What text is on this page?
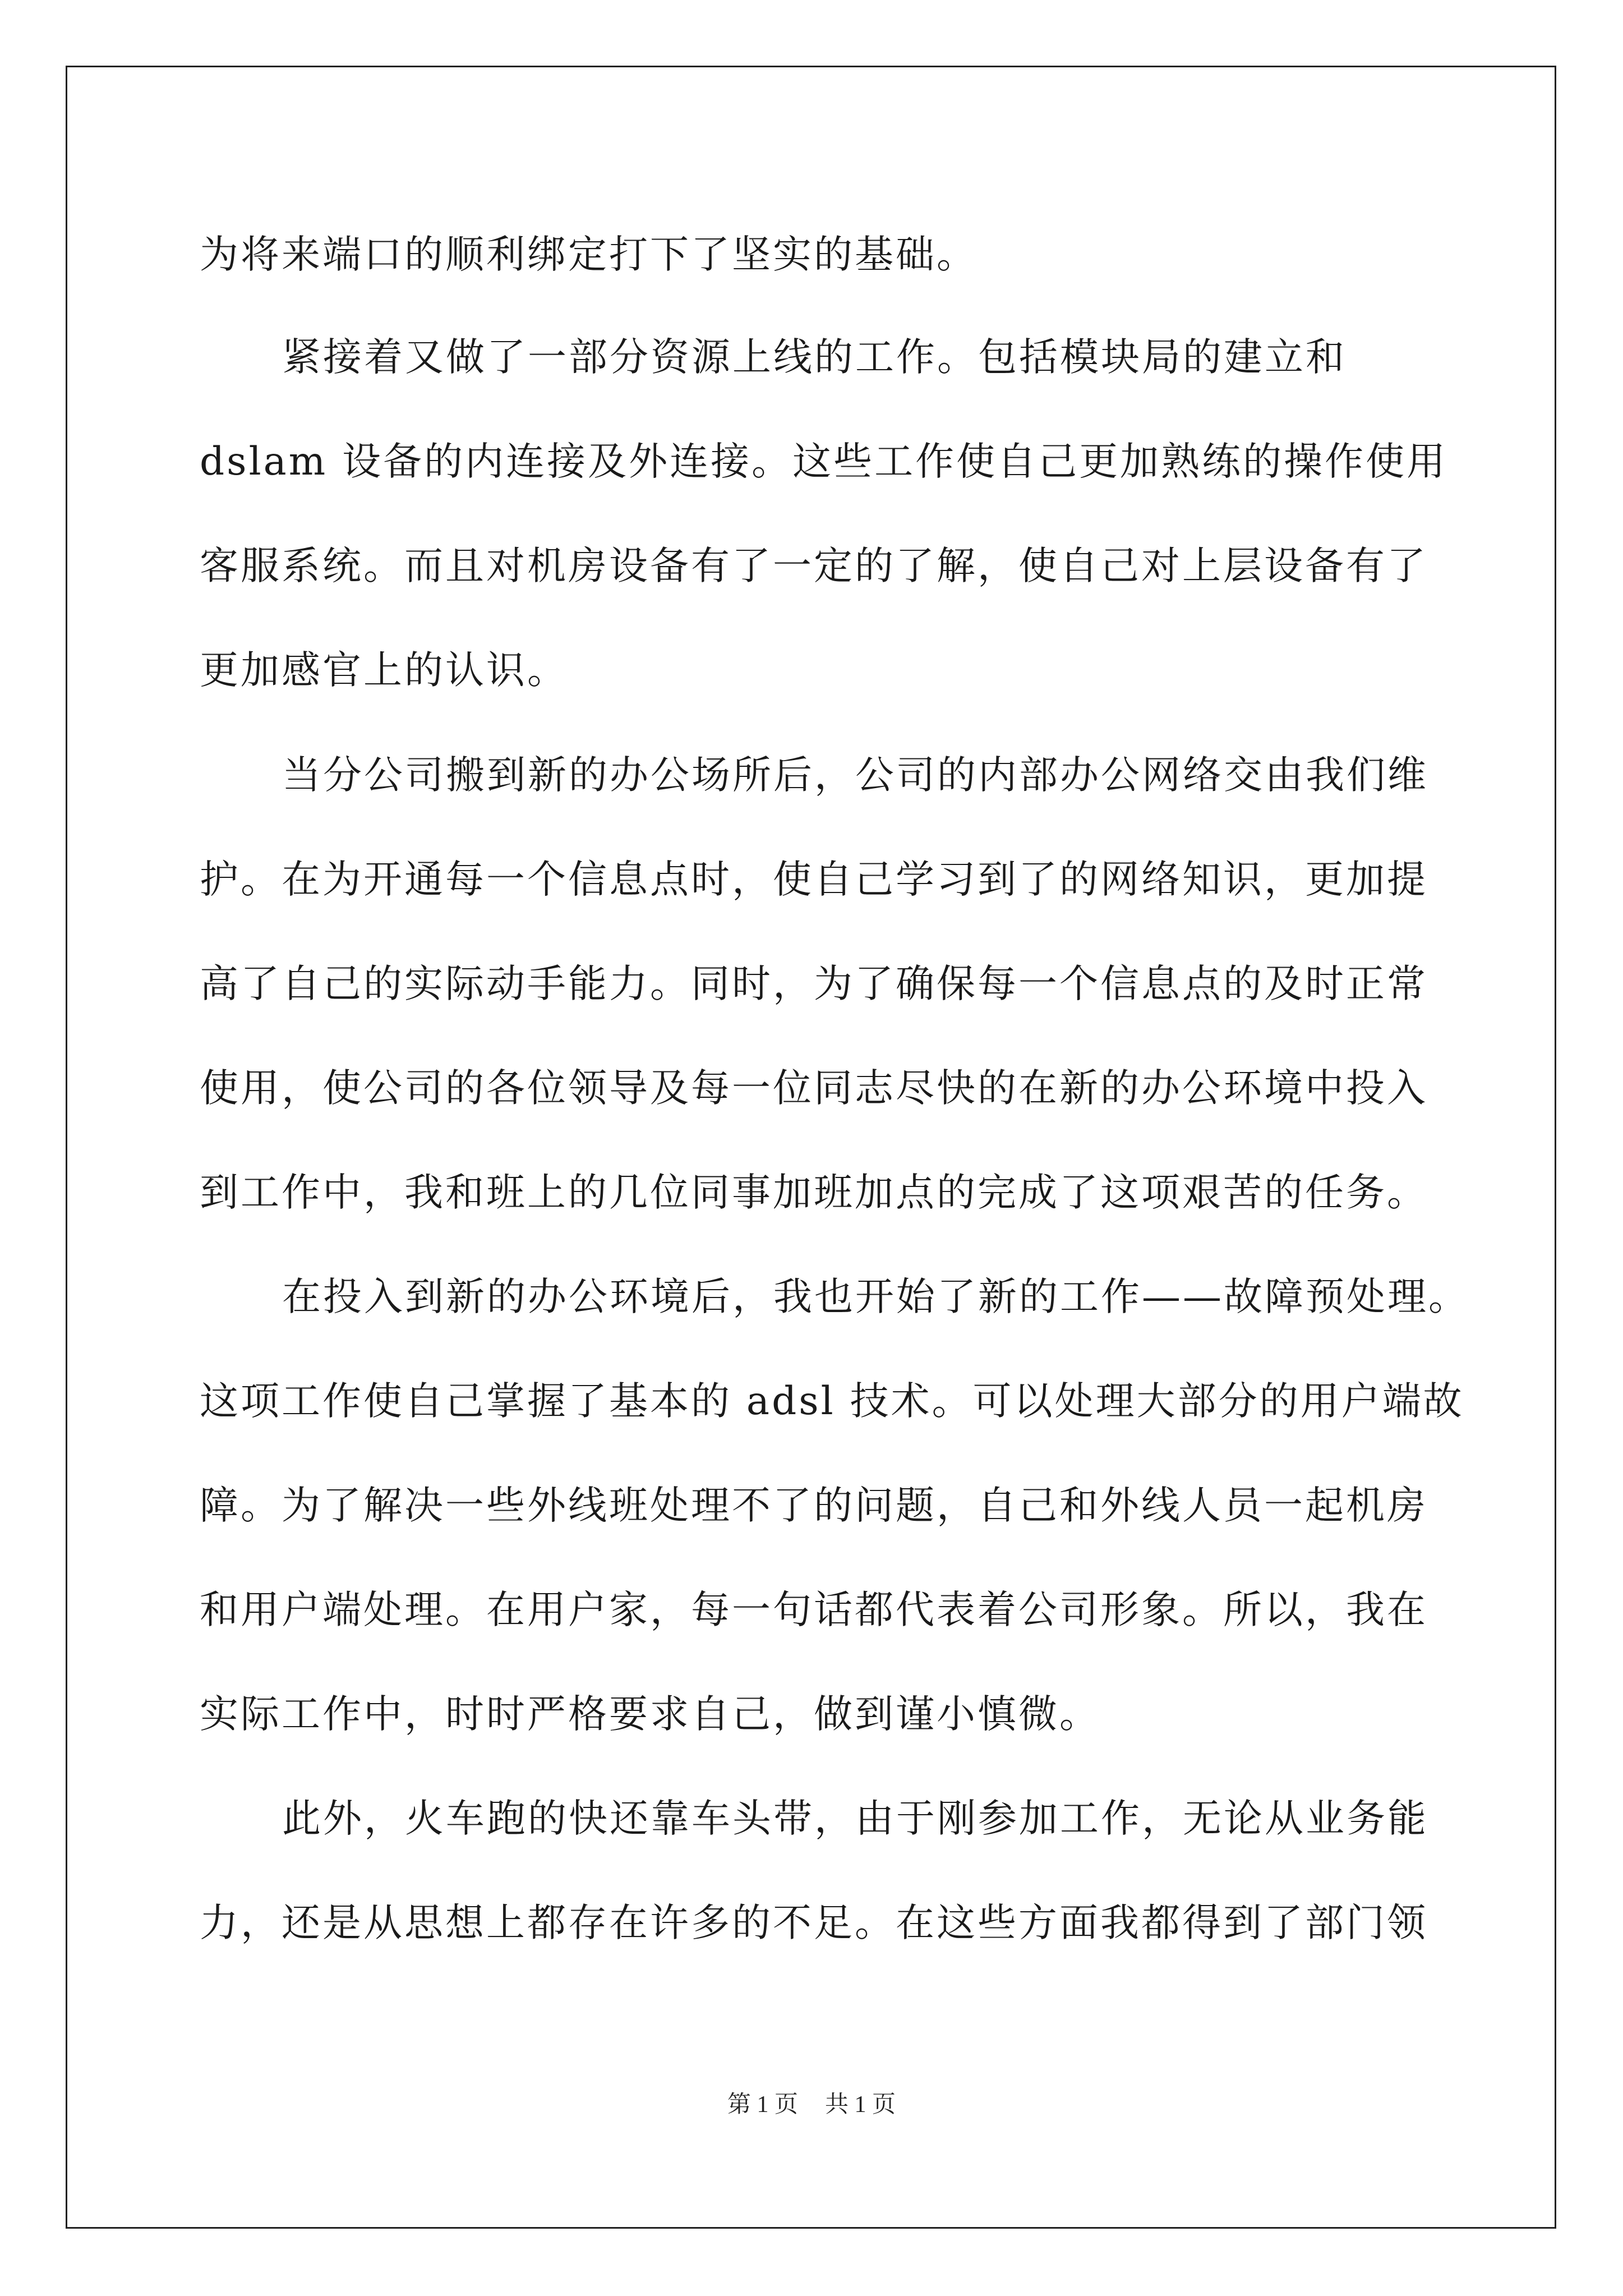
为将来端口的顺利绑定打下了坚实的基础。
紧接着又做了一部分资源上线的工作。包括模块局的建立和
dslam 设备的内连接及外连接。这些工作使自己更加熟练的操作使用
客服系统。而且对机房设备有了一定的了解，使自己对上层设备有了
更加感官上的认识。
当分公司搬到新的办公场所后，公司的内部办公网络交由我们维
护。在为开通每一个信息点时，使自己学习到了的网络知识，更加提
高了自己的实际动手能力。同时，为了确保每一个信息点的及时正常
使用，使公司的各位领导及每一位同志尽快的在新的办公环境中投入
到工作中，我和班上的几位同事加班加点的完成了这项艰苦的任务。
在投入到新的办公环境后，我也开始了新的工作——故障预处理。
这项工作使自己掌握了基本的 adsl 技术。可以处理大部分的用户端故
障。为了解决一些外线班处理不了的问题，自己和外线人员一起机房
和用户端处理。在用户家，每一句话都代表着公司形象。所以，我在
实际工作中，时时严格要求自己，做到谨小慎微。
此外，火车跑的快还靠车头带，由于刚参加工作，无论从业务能
力，还是从思想上都存在许多的不足。在这些方面我都得到了部门领
第 1 页 共 1 页
